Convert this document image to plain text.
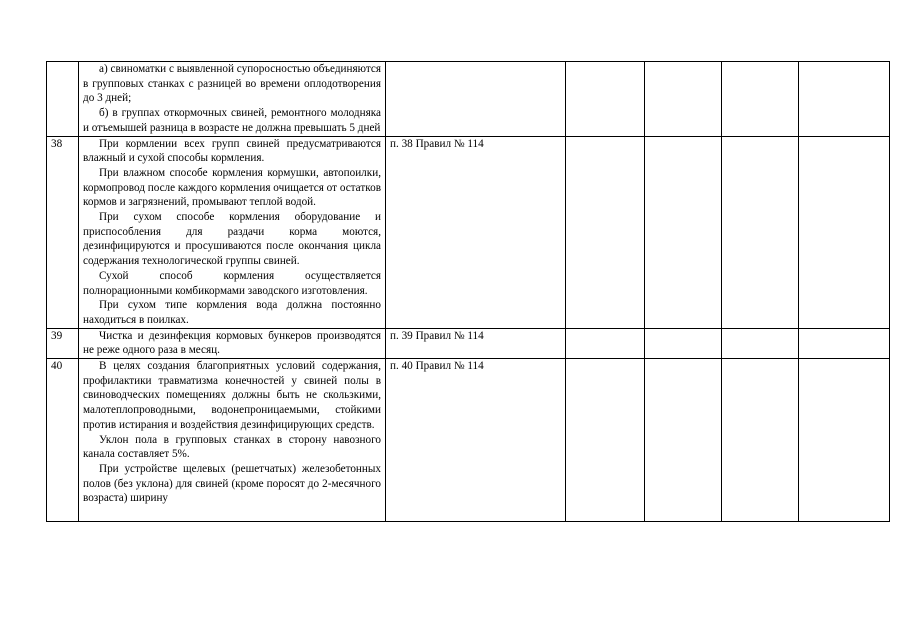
	а) свиноматки с выявленной супоросностью объединяются в групповых станках с разницей во времени оплодотворения до 3 дней;

б) в группах откормочных свиней, ремонтного молодняка и отъемышей разница в возрасте не должна превышать 5 дней					

38	При кормлении всех групп свиней предусматриваются влажный и сухой способы кормления.

При влажном способе кормления кормушки, автопоилки, кормопровод после каждого кормления очищается от остатков кормов и загрязнений, промывают теплой водой.

При сухом способе кормления оборудование и приспособления для раздачи корма моются, дезинфицируются и просушиваются после окончания цикла содержания технологической группы свиней.

Сухой способ кормления осуществляется полнорационными комбикормами заводского изготовления.

При сухом типе кормления вода должна постоянно находиться в поилках.	п. 38 Правил № 114				
39	Чистка и дезинфекция кормовых бункеров производятся не реже одного раза в месяц.	п. 39 Правил № 114				
40	В целях создания благоприятных условий содержания, профилактики травматизма конечностей у свиней полы в свиноводческих помещениях должны быть не скользкими, малотеплопроводными, водонепроницаемыми, стойкими против истирания и воздействия дезинфицирующих средств.

Уклон пола в групповых станках в сторону навозного канала составляет 5%.

При устройстве щелевых (решетчатых) железобетонных полов (без уклона) для свиней (кроме поросят до 2-месячного возраста) ширину	п. 40 Правил № 114				
